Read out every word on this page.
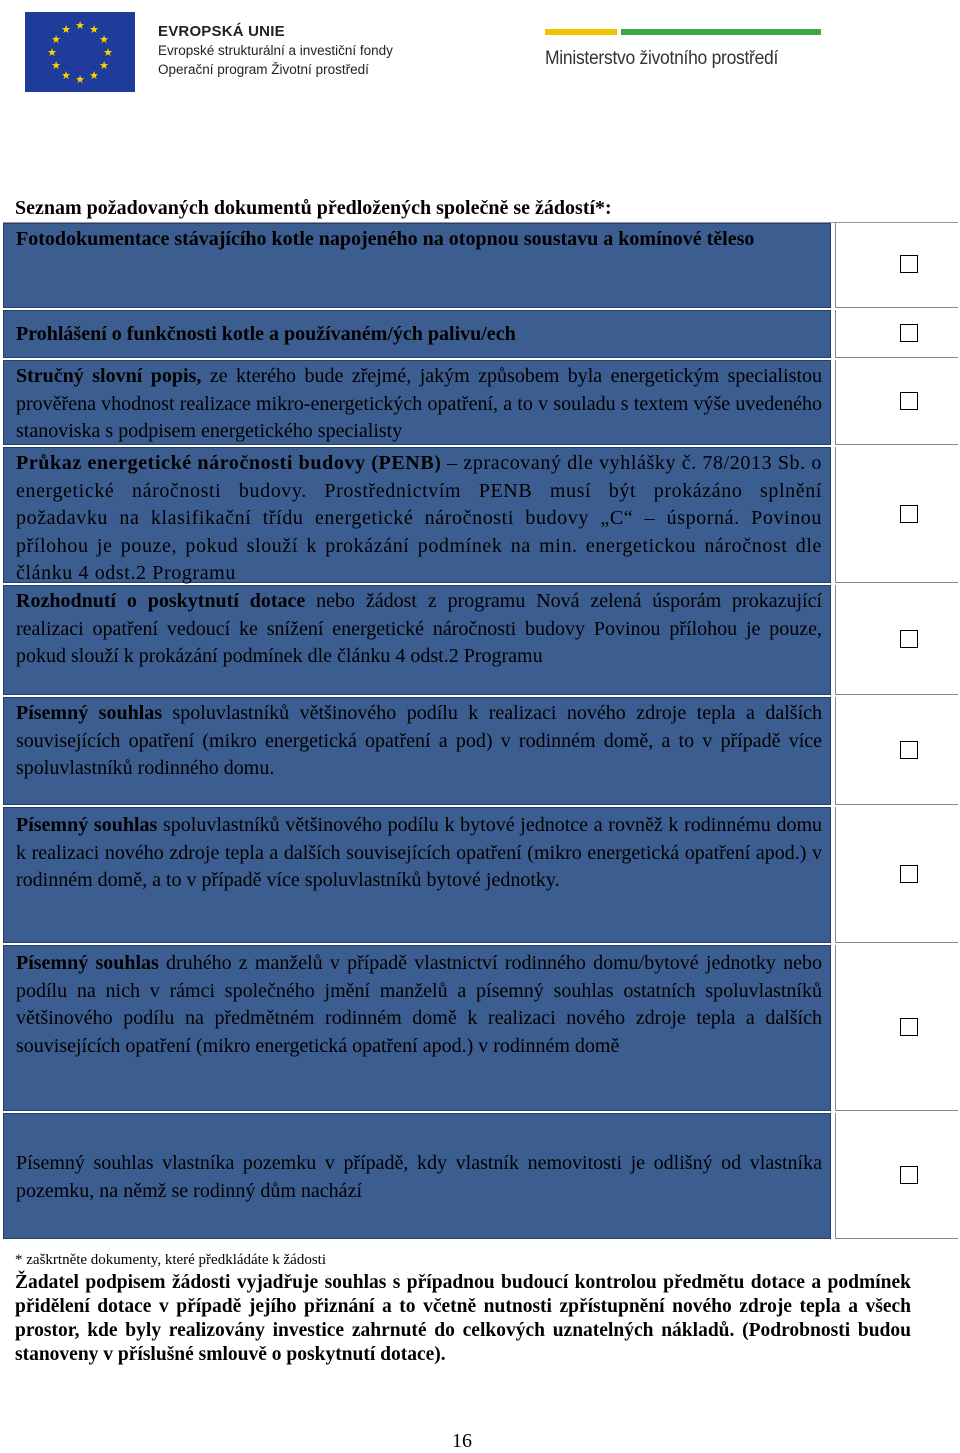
★ ★
★
★
★
★
★
★
★
★
★
★	EVROPSKÁ UNIE
Evropské strukturální a investiční fondy
Operační program Životní prostředí
Ministerstvo životního prostředí
Seznam požadovaných dokumentů předložených společně se žádostí*:
Fotodokumentace stávajícího kotle napojeného na otopnou soustavu a komínové těleso
Prohlášení o funkčnosti kotle a používaném/ých palivu/ech
Stručný slovní popis, ze kterého bude zřejmé, jakým způsobem byla energetickým specialistou prověřena vhodnost realizace mikro-energetických opatření, a to v souladu s textem výše uvedeného stanoviska s podpisem energetického specialisty
Průkaz energetické náročnosti budovy (PENB) – zpracovaný dle vyhlášky č. 78/2013 Sb. o energetické náročnosti budovy. Prostřednictvím PENB musí být prokázáno splnění požadavku na klasifikační třídu energetické náročnosti budovy „C“ – úsporná. Povinou přílohou je pouze, pokud slouží k prokázání podmínek na min. energetickou náročnost dle článku 4 odst.2 Programu
Rozhodnutí o poskytnutí dotace nebo žádost z programu Nová zelená úsporám prokazující realizaci opatření vedoucí ke snížení energetické náročnosti budovy Povinou přílohou je pouze, pokud slouží k prokázání podmínek dle článku 4 odst.2 Programu
Písemný souhlas spoluvlastníků většinového podílu k realizaci nového zdroje tepla a dalších souvisejících opatření (mikro energetická opatření a pod) v rodinném domě, a to v případě více spoluvlastníků rodinného domu.
Písemný souhlas spoluvlastníků většinového podílu k bytové jednotce a rovněž k rodinnému domu k realizaci nového zdroje tepla a dalších souvisejících opatření (mikro energetická opatření apod.) v rodinném domě, a to v případě více spoluvlastníků bytové jednotky.
Písemný souhlas druhého z manželů v případě vlastnictví rodinného domu/bytové jednotky nebo podílu na nich v rámci společného jmění manželů a písemný souhlas ostatních spoluvlastníků většinového podílu na předmětném rodinném domě k realizaci nového zdroje tepla a dalších souvisejících opatření (mikro energetická opatření apod.) v rodinném domě
Písemný souhlas vlastníka pozemku v případě, kdy vlastník nemovitosti je odlišný od vlastníka pozemku, na němž se rodinný dům nachází
* zaškrtněte dokumenty, které předkládáte k žádosti
Žadatel podpisem žádosti vyjadřuje souhlas s případnou budoucí kontrolou předmětu dotace a podmínek přidělení dotace v případě jejího přiznání a to včetně nutnosti zpřístupnění nového zdroje tepla a všech prostor, kde byly realizovány investice zahrnuté do celkových uznatelných nákladů. (Podrobnosti budou stanoveny v příslušné smlouvě o poskytnutí dotace).
16
